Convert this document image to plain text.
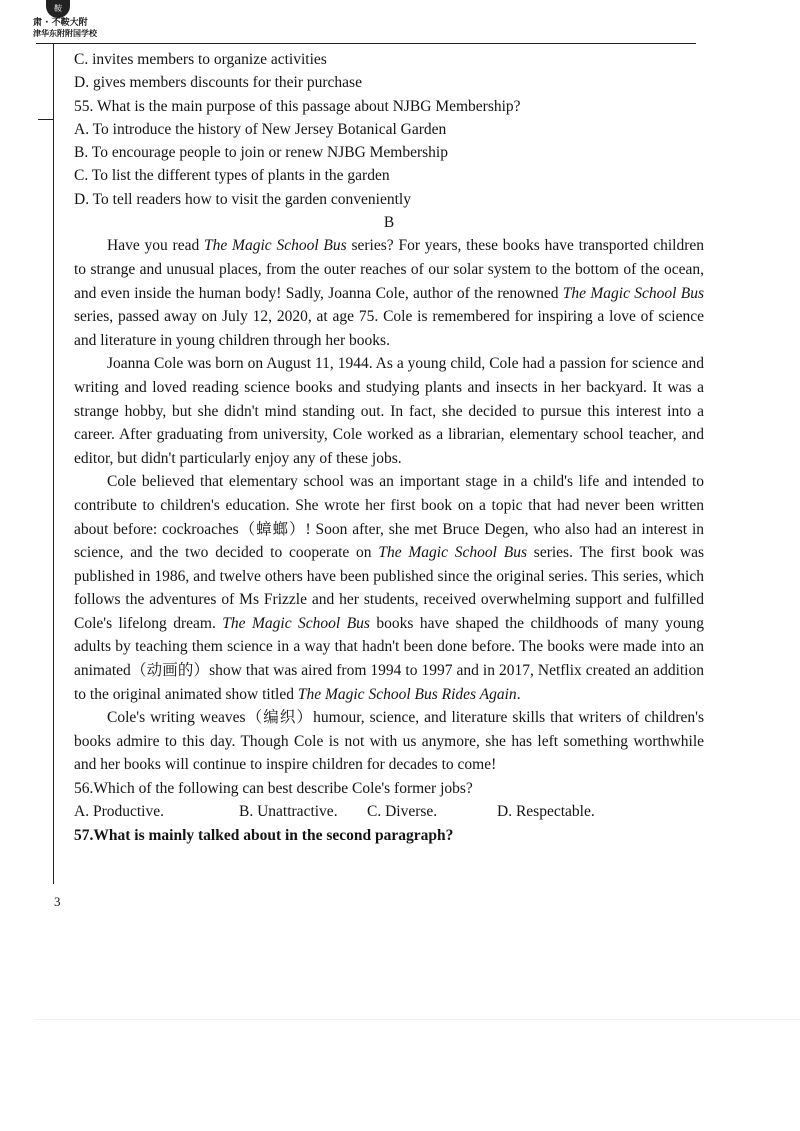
鞍
肃 · 不鞍大附
津华东附附国学校
C. invites members to organize activities
D. gives members discounts for their purchase
55. What is the main purpose of this passage about NJBG Membership?
A. To introduce the history of New Jersey Botanical Garden
B. To encourage people to join or renew NJBG Membership
C. To list the different types of plants in the garden
D. To tell readers how to visit the garden conveniently
B

Have you read The Magic School Bus series? For years, these books have transported children to strange and unusual places, from the outer reaches of our solar system to the bottom of the ocean, and even inside the human body! Sadly, Joanna Cole, author of the renowned The Magic School Bus series, passed away on July 12, 2020, at age 75. Cole is remembered for inspiring a love of science and literature in young children through her books.

Joanna Cole was born on August 11, 1944. As a young child, Cole had a passion for science and writing and loved reading science books and studying plants and insects in her backyard. It was a strange hobby, but she didn't mind standing out. In fact, she decided to pursue this interest into a career. After graduating from university, Cole worked as a librarian, elementary school teacher, and editor, but didn't particularly enjoy any of these jobs.

Cole believed that elementary school was an important stage in a child's life and intended to contribute to children's education. She wrote her first book on a topic that had never been written about before: cockroaches（蟑螂）! Soon after, she met Bruce Degen, who also had an interest in science, and the two decided to cooperate on The Magic School Bus series. The first book was published in 1986, and twelve others have been published since the original series. This series, which follows the adventures of Ms Frizzle and her students, received overwhelming support and fulfilled Cole's lifelong dream. The Magic School Bus books have shaped the childhoods of many young adults by teaching them science in a way that hadn't been done before. The books were made into an animated（动画的）show that was aired from 1994 to 1997 and in 2017, Netflix created an addition to the original animated show titled The Magic School Bus Rides Again.

Cole's writing weaves（编织）humour, science, and literature skills that writers of children's books admire to this day. Though Cole is not with us anymore, she has left something worthwhile and her books will continue to inspire children for decades to come!

56.Which of the following can best describe Cole's former jobs?
A. Productive.	B. Unattractive.	C. Diverse.	D. Respectable.
57.What is mainly talked about in the second paragraph?
3
